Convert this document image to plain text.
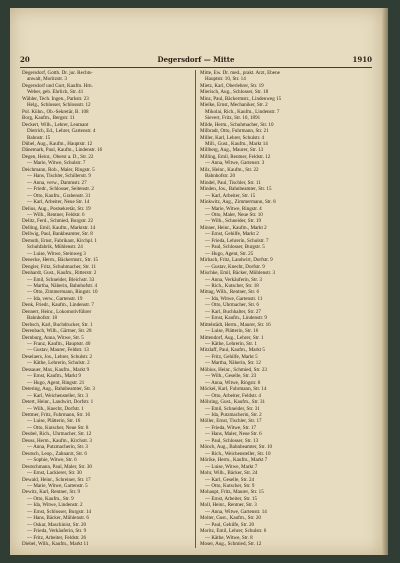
20	Degersdorf — Mitte	1910
Degersdorf, Gotth. Dr. jur. Rechts-
anwalt, Moritzstr. 3
Degersdorf und Gurt, Kaufm. Hrn.
Weber, geb. Ehrlich, Str. 41
Wähler, Tech. Ingen., Parkstr. 23
Helg., Schlosser, Schlossstr. 12
Pol. Kühn., Ob.-Sekretär, B. 108
Borg, Kaufm., Bergstr. 11
Deckert, Wilh., Lehrer, Leutnant
Dietrich, Ed., Lehrer, Gartenstr. 4
Bahnstr. 15
Dübel, Aug., Kaufm., Hauptstr. 12
Dänemark, Paul, Kaufm., Lindenstr. 16
Degen, Heinr., Oberst a. D., Str. 22
— Marie, Witwe, Schulstr. 7
Deichmann, Rob., Maler, Ringstr. 5
— Hans, Tischler, Schillerstr. 9
— Anna, verw., Dammstr. 27
— Friedr., Schlosser, Seitenstr. 2
— Otto, Kaufm., Grabenstr. 31
— Karl, Arbeiter, Neue Str. 14
Delius, Aug., Postsekretär, Str. 19
— Wilh., Rentner, Feldstr. 6
Delitz, Ferd., Schmied, Burgstr. 22
Delling, Emil, Kaufm., Marktstr. 14
Dellwig, Paul, Bankbeamter, Str. 8
Demuth, Ernst, Fabrikant, Kirchpl. 1
Schuhfabrik, Mühlenstr. 24
— Luise, Witwe, Steinweg 3
Denecke, Herm., Bäckermstr., Str. 15
Dengler, Fritz, Schuhmacher, Str. 11
Denhardt, Gust., Kaufm., Ritterstr. 2
— Emil, Schneider, Bleichstr. 33
— Martha, Näherin, Bahnhofstr. 4
— Otto, Zimmermann, Ringstr. 10
— Ida, verw., Gartenstr. 19
Denk, Friedr., Kaufm., Lindenstr. 7
Dennert, Heinr., Lokomotivführer
Bahnhofstr. 18
Derbsch, Karl, Buchdrucker, Str. 1
Derenbach, Wilh., Gärtner, Str. 28
Dernburg, Anna, Witwe, Str. 5
— Franz, Kaufm., Hauptstr. 40
— Gustav, Maurer, Feldstr. 13
Deselaers, Jos., Lehrer, Schulstr. 2
— Käthe, Lehrerin, Schulstr. 2
Dessauer, Max, Kaufm., Markt 9
— Ernst, Kaufm., Markt 9
— Hugo, Agent, Ringstr. 21
Detering, Aug., Bahnbeamter, Str. 3
— Karl, Weichensteller, Str. 3
Detert, Heinr., Landwirt, Dorfstr. 1
— Wilh., Knecht, Dorfstr. 1
Dettmer, Fritz, Fuhrmann, Str. 16
— Luise, Plätterin, Str. 16
— Otto, Kutscher, Neue Str. 8
Deubel, Rich., Uhrmacher, Str. 12
Deuss, Herm., Kaufm., Kirchstr. 3
— Anna, Putzmacherin, Str. 3
Deutsch, Leop., Zahnarzt, Str. 6
— Sophie, Witwe, Str. 6
Deutschmann, Paul, Maler, Str. 30
— Ernst, Lackierer, Str. 30
Dewald, Heinr., Schreiner, Str. 17
— Marie, Witwe, Gartenstr. 5
Dewitz, Karl, Rentner, Str. 9
— Otto, Kaufm., Str. 9
— Ida, Witwe, Lindenstr. 2
— Ernst, Schlosser, Burgstr. 14
— Hans, Bäcker, Mühlenstr. 6
— Oskar, Maschinist, Str. 20
— Frieda, Verkäuferin, Str. 9
— Fritz, Arbeiter, Feldstr. 26
Diebel, Wilh., Kaufm., Markt 11
Mitte, Ew. Dr. med., prakt. Arzt, Ebene
Hauptstr. 10, Str. 14
Mietz, Karl, Oberlehrer, Str. 19
Mierisch, Aug., Schlosser, Str. 18
Minz, Paul, Bäckermstr., Lindenweg 15
Mielke, Ernst, Mechaniker, Str. 2
Mikolai, Rich., Kaufm., Lindenstr. 7
Sievert, Fritz, Str. 10, 1891
Milde, Herm., Schuhmacher, Str. 10
Milbradt, Otto, Fuhrmann, Str. 21
Miller, Karl, Lehrer, Schulstr. 4
Mill., Gust., Kaufm., Markt 14
Millberg, Aug., Maurer, Str. 13
Milling, Emil, Rentner, Feldstr. 12
— Anna, Witwe, Gartenstr. 3
Milz, Heinr., Kaufm., Str. 22
Bahnhofstr. 20
Mindel, Paul, Tischler, Str. 11
Minden, Jos., Bahnbeamter, Str. 15
— Karl, Arbeiter, Str. 15
Minkwitz, Aug., Zimmermann, Str. 8
— Marie, Witwe, Ringstr. 4
— Otto, Maler, Neue Str. 10
— Wilh., Schneider, Str. 19
Minner, Heinr., Kaufm., Markt 2
— Ernst, Gehilfe, Markt 2
— Frieda, Lehrerin, Schulstr. 7
— Paul, Schlosser, Burgstr. 5
— Hugo, Agent, Str. 25
Mirbach, Fritz, Landwirt, Dorfstr. 9
— Gustav, Knecht, Dorfstr. 9
Mischke, Emil, Bäcker, Mühlenstr. 3
— Anna, Verkäuferin, Str. 3
— Rich., Kutscher, Str. 18
Mittag, Wilh., Rentner, Str. 6
— Ida, Witwe, Gartenstr. 11
— Otto, Uhrmacher, Str. 6
— Karl, Buchhalter, Str. 27
— Ernst, Kaufm., Lindenstr. 9
Mittelstädt, Herm., Maurer, Str. 16
— Luise, Plätterin, Str. 16
Mittendorf, Aug., Lehrer, Str. 1
— Käthe, Lehrerin, Str. 1
Mitzlaff, Paul, Kaufm., Markt 5
— Fritz, Gehilfe, Markt 5
— Martha, Näherin, Str. 12
Möbius, Heinr., Schmied, Str. 23
— Wilh., Geselle, Str. 23
— Anna, Witwe, Ringstr. 8
Möckel, Karl, Fuhrmann, Str. 14
— Otto, Arbeiter, Feldstr. 4
Möhring, Gust., Kaufm., Str. 31
— Emil, Schneider, Str. 31
— Ida, Putzmacherin, Str. 2
Möller, Ernst, Tischler, Str. 17
— Frieda, Witwe, Str. 17
— Hans, Maler, Neue Str. 6
— Paul, Schlosser, Str. 13
Mönch, Aug., Bahnbeamter, Str. 10
— Rich., Weichensteller, Str. 10
Mörike, Herm., Kaufm., Markt 7
— Luise, Witwe, Markt 7
Mohr, Wilh., Bäcker, Str. 24
— Karl, Geselle, Str. 24
— Otto, Kutscher, Str. 9
Mohaupt, Fritz, Maurer, Str. 15
— Ernst, Arbeiter, Str. 15
Moll, Heinr., Rentner, Str. 3
— Anna, Witwe, Gartenstr. 14
Molter, Gust., Kaufm., Str. 20
— Paul, Gehilfe, Str. 20
Moritz, Emil, Lehrer, Schulstr. 6
— Käthe, Witwe, Str. 8
Moser, Aug., Schmied, Str. 12
